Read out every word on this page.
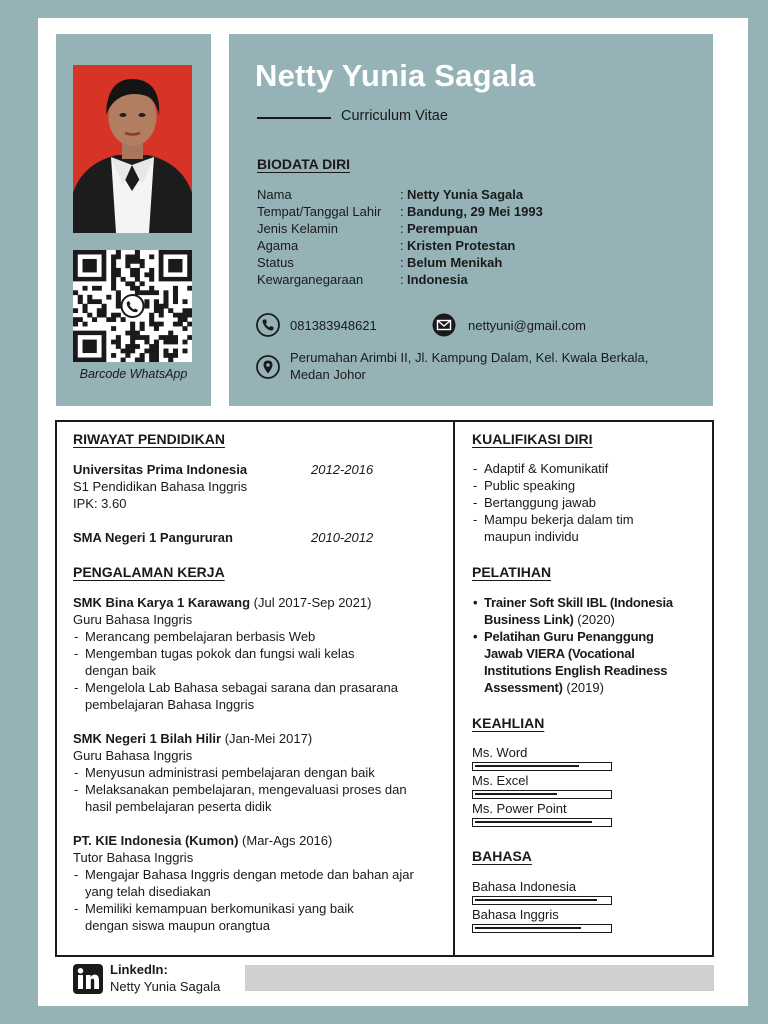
Barcode WhatsApp
Netty Yunia Sagala
Curriculum Vitae
BIODATA DIRI
Nama	: Netty Yunia Sagala
Tempat/Tanggal Lahir	: Bandung, 29 Mei 1993
Jenis Kelamin	: Perempuan
Agama	: Kristen Protestan
Status	: Belum Menikah
Kewarganegaraan	: Indonesia
081383948621	nettyuni@gmail.com
Perumahan Arimbi II, Jl. Kampung Dalam, Kel. Kwala Berkala,
Medan Johor
RIWAYAT PENDIDIKAN
Universitas Prima Indonesia	2012-2016
S1 Pendidikan Bahasa Inggris
IPK: 3.60
SMA Negeri 1 Pangururan	2010-2012
PENGALAMAN KERJA
SMK Bina Karya 1 Karawang (Jul 2017-Sep 2021)
Guru Bahasa Inggris
- Merancang pembelajaran berbasis Web
- Mengemban tugas pokok dan fungsi wali kelas dengan baik
- Mengelola Lab Bahasa sebagai sarana dan prasarana pembelajaran Bahasa Inggris
SMK Negeri 1 Bilah Hilir (Jan-Mei 2017)
Guru Bahasa Inggris
- Menyusun administrasi pembelajaran dengan baik
- Melaksanakan pembelajaran, mengevaluasi proses dan hasil pembelajaran peserta didik
PT. KIE Indonesia (Kumon) (Mar-Ags 2016)
Tutor Bahasa Inggris
- Mengajar Bahasa Inggris dengan metode dan bahan ajar yang telah disediakan
- Memiliki kemampuan berkomunikasi yang baik dengan siswa maupun orangtua
KUALIFIKASI DIRI
- Adaptif & Komunikatif
- Public speaking
- Bertanggung jawab
- Mampu bekerja dalam tim maupun individu
PELATIHAN
• Trainer Soft Skill IBL (Indonesia Business Link) (2020)
• Pelatihan Guru Penanggung Jawab VIERA (Vocational Institutions English Readiness Assessment) (2019)
KEAHLIAN
Ms. Word
Ms. Excel
Ms. Power Point
BAHASA
Bahasa Indonesia
Bahasa Inggris
LinkedIn:
Netty Yunia Sagala
